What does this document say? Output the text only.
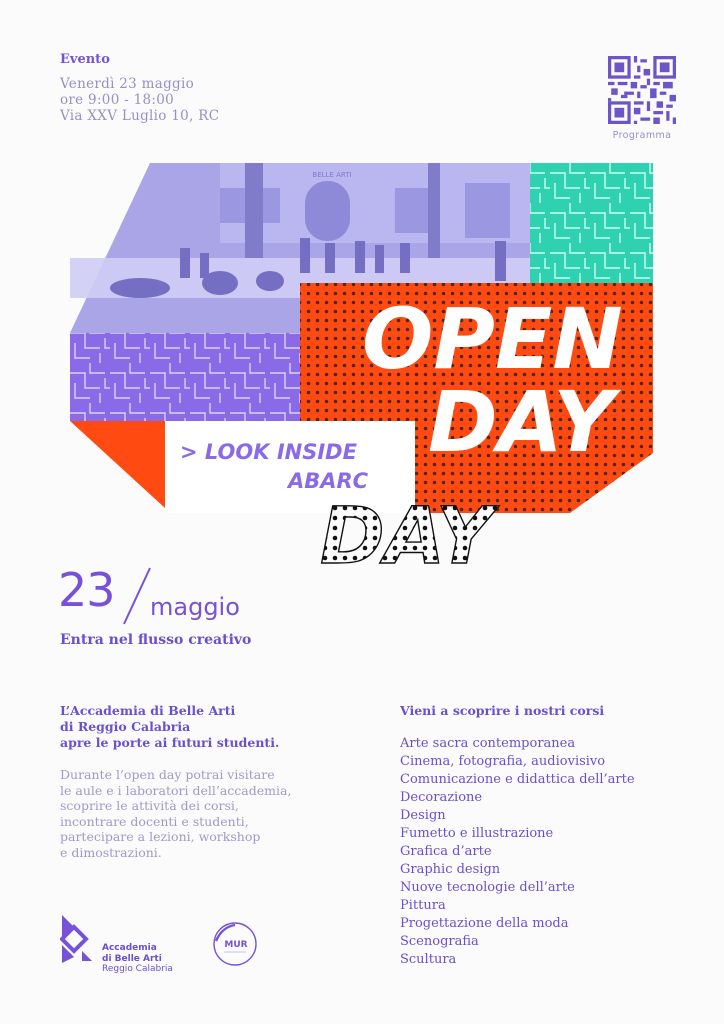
Evento
Venerdì 23 maggio
ore 9:00 - 18:00
Via XXV Luglio 10, RC
Programma
BELLE ARTI
> LOOK INSIDE
ABARC
OPEN
DAY
DAY
23 maggio
Entra nel flusso creativo
L’Accademia di Belle Arti
di Reggio Calabria
apre le porte ai futuri studenti.
Durante l’open day potrai visitare
le aule e i laboratori dell’accademia,
scoprire le attività dei corsi,
incontrare docenti e studenti,
partecipare a lezioni, workshop
e dimostrazioni.
Vieni a scoprire i nostri corsi
Arte sacra contemporanea
Cinema, fotografia, audiovisivo
Comunicazione e didattica dell’arte
Decorazione
Design
Fumetto e illustrazione
Grafica d’arte
Graphic design
Nuove tecnologie dell’arte
Pittura
Progettazione della moda
Scenografia
Scultura
Accademia
di Belle Arti
Reggio Calabria
MUR
